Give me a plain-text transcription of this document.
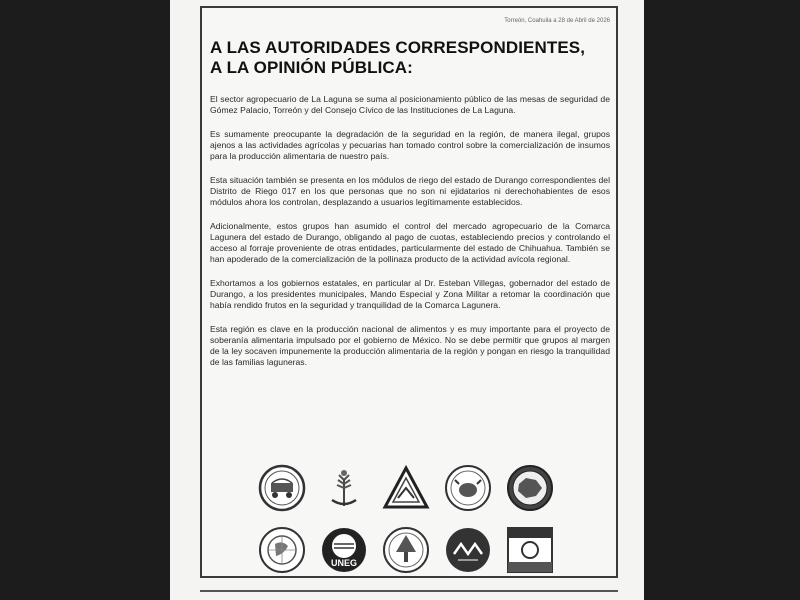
Torreón, Coahuila a 28 de Abril de 2026
A LAS AUTORIDADES CORRESPONDIENTES,
A LA OPINIÓN PÚBLICA:

El sector agropecuario de La Laguna se suma al posicionamiento público de las mesas de seguridad de Gómez Palacio, Torreón y del Consejo Cívico de las Instituciones de La Laguna.

Es sumamente preocupante la degradación de la seguridad en la región, de manera ilegal, grupos ajenos a las actividades agrícolas y pecuarias han tomado control sobre la comercialización de insumos para la producción alimentaria de nuestro país.

Esta situación también se presenta en los módulos de riego del estado de Durango correspondientes del Distrito de Riego 017 en los que personas que no son ni ejidatarios ni derechohabientes de esos módulos ahora los controlan, desplazando a usuarios legítimamente establecidos.

Adicionalmente, estos grupos han asumido el control del mercado agropecuario de la Comarca Lagunera del estado de Durango, obligando al pago de cuotas, estableciendo precios y controlando el acceso al forraje proveniente de otras entidades, particularmente del estado de Chihuahua. También se han apoderado de la comercialización de la pollinaza producto de la actividad avícola regional.

Exhortamos a los gobiernos estatales, en particular al Dr. Esteban Villegas, gobernador del estado de Durango, a los presidentes municipales, Mando Especial y Zona Militar a retomar la coordinación que había rendido frutos en la seguridad y tranquilidad de la Comarca Lagunera.

Esta región es clave en la producción nacional de alimentos y es muy importante para el proyecto de soberanía alimentaria impulsado por el gobierno de México. No se debe permitir que grupos al margen de la ley socaven impunemente la producción alimentaria de la región y pongan en riesgo la tranquilidad de las familias laguneras.

UNEG
